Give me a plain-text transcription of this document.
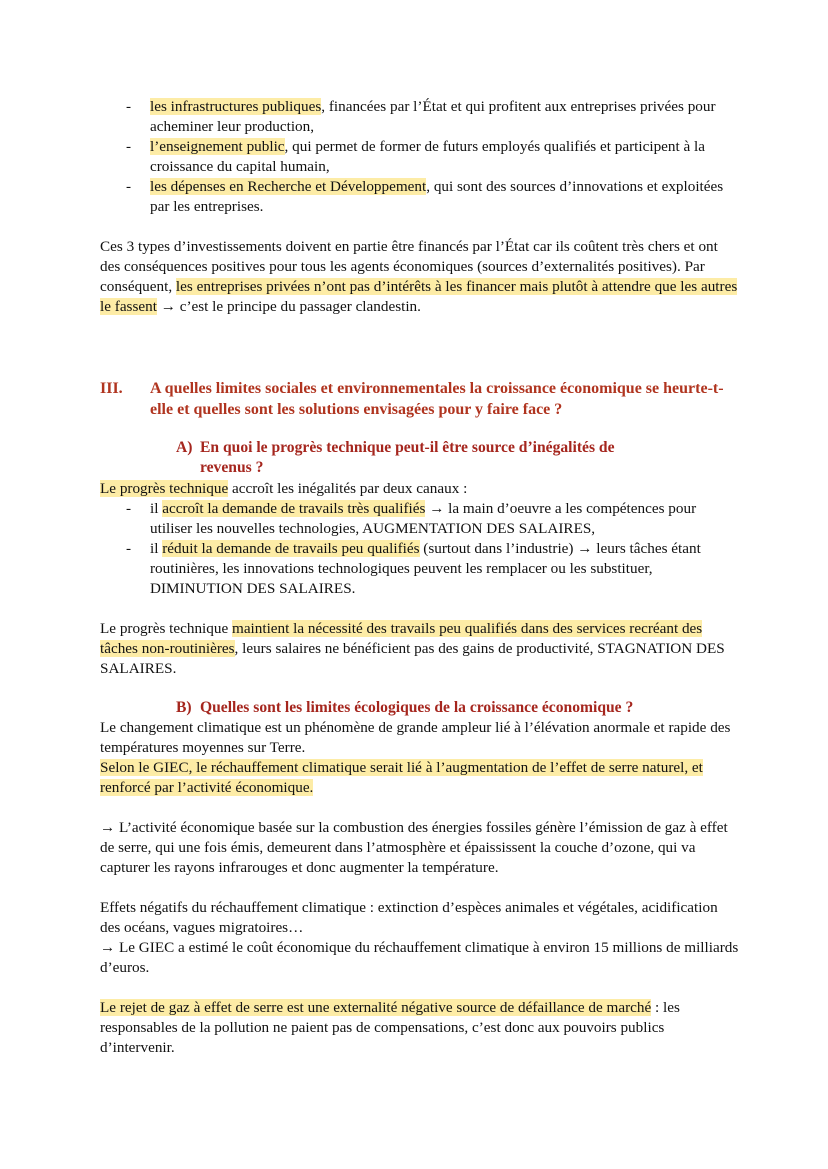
- les infrastructures publiques, financées par l’État et qui profitent aux entreprises privées pour acheminer leur production,

- l’enseignement public, qui permet de former de futurs employés qualifiés et participent à la croissance du capital humain,

- les dépenses en Recherche et Développement, qui sont des sources d’innovations et exploitées par les entreprises.

Ces 3 types d’investissements doivent en partie être financés par l’État car ils coûtent très chers et ont des conséquences positives pour tous les agents économiques (sources d’externalités positives). Par conséquent, les entreprises privées n’ont pas d’intérêts à les financer mais plutôt à attendre que les autres le fassent → c’est le principe du passager clandestin.

III.	A quelles limites sociales et environnementales la croissance économique se heurte-t-elle et quelles sont les solutions envisagées pour y faire face ?
A) En quoi le progrès technique peut-il être source d’inégalités de
revenus ?

Le progrès technique accroît les inégalités par deux canaux :

- il accroît la demande de travails très qualifiés → la main d’oeuvre a les compétences pour utiliser les nouvelles technologies, AUGMENTATION DES SALAIRES,

- il réduit la demande de travails peu qualifiés (surtout dans l’industrie) → leurs tâches étant routinières, les innovations technologiques peuvent les remplacer ou les substituer, DIMINUTION DES SALAIRES.

Le progrès technique maintient la nécessité des travails peu qualifiés dans des services recréant des tâches non-routinières, leurs salaires ne bénéficient pas des gains de productivité, STAGNATION DES SALAIRES.

B) Quelles sont les limites écologiques de la croissance économique ?

Le changement climatique est un phénomène de grande ampleur lié à l’élévation anormale et rapide des températures moyennes sur Terre.
Selon le GIEC, le réchauffement climatique serait lié à l’augmentation de l’effet de serre naturel, et renforcé par l’activité économique.

→ L’activité économique basée sur la combustion des énergies fossiles génère l’émission de gaz à effet de serre, qui une fois émis, demeurent dans l’atmosphère et épaississent la couche d’ozone, qui va capturer les rayons infrarouges et donc augmenter la température.

Effets négatifs du réchauffement climatique : extinction d’espèces animales et végétales, acidification des océans, vagues migratoires…
→ Le GIEC a estimé le coût économique du réchauffement climatique à environ 15 millions de milliards d’euros.

Le rejet de gaz à effet de serre est une externalité négative source de défaillance de marché : les responsables de la pollution ne paient pas de compensations, c’est donc aux pouvoirs publics d’intervenir.
